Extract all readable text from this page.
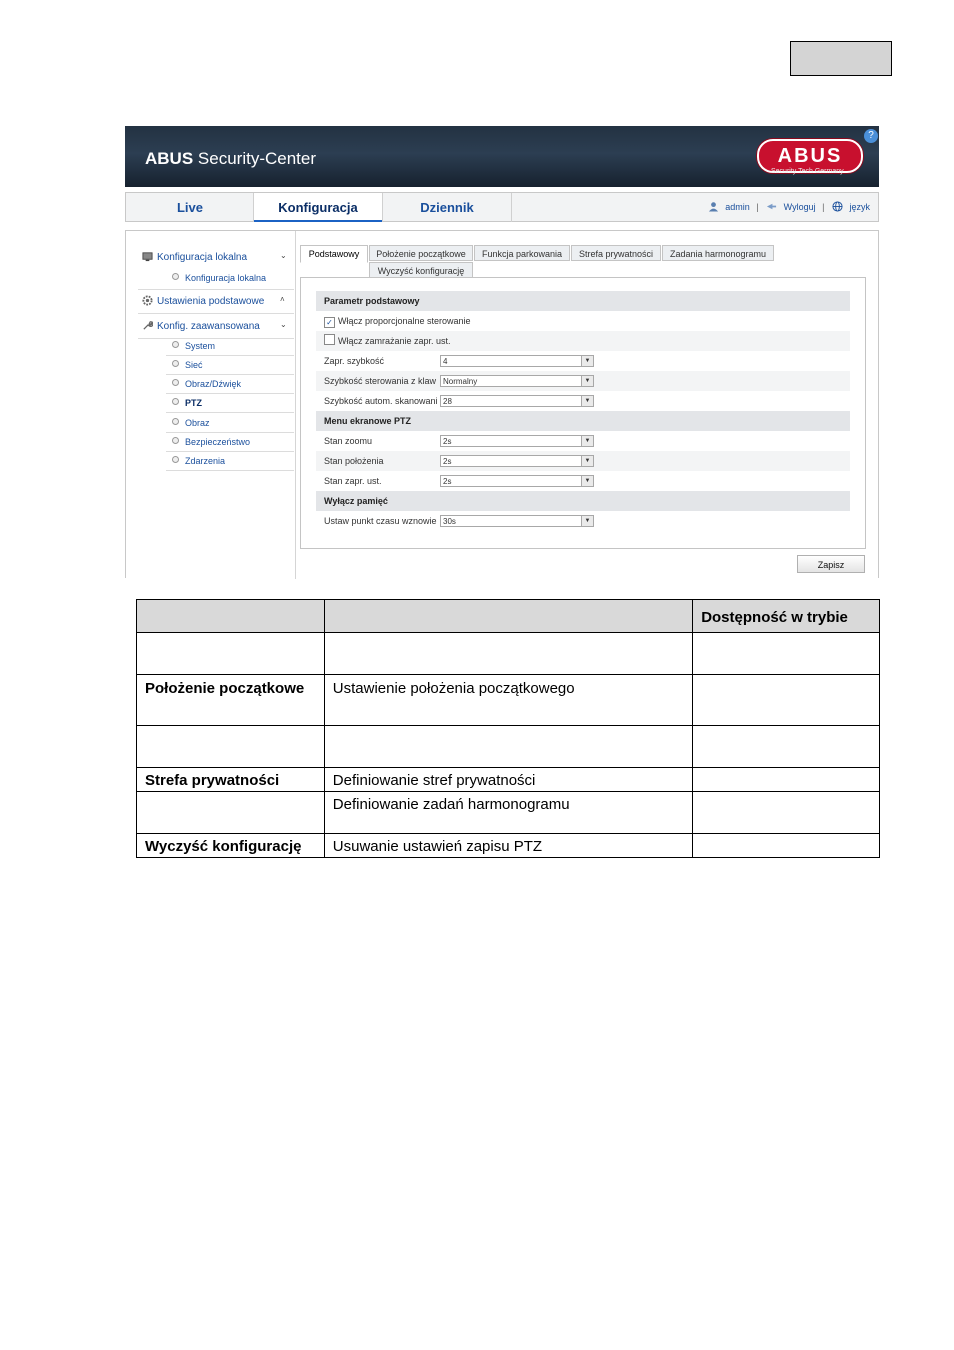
ABUS Security-Center	ABUS
Security Tech Germany
?
Live	Konfiguracja	Dziennik	admin |	Wyloguj |	język
Konfiguracja lokalna	⌄
Konfiguracja lokalna
Ustawienia podstawowe ˄
Konfig. zaawansowana	⌄
System
Sieć
Obraz/Dźwięk
PTZ
Obraz
Bezpieczeństwo
Zdarzenia
Podstawowy	Położenie początkowe	Funkcja parkowania	Strefa prywatności	Zadania harmonogramu
Wyczyść konfigurację
Parametr podstawowy
✓ Włącz proporcjonalne sterowanie
Włącz zamrażanie zapr. ust.
Zapr. szybkość	4	▼
Szybkość sterowania z klaw Normalny	▼
Szybkość autom. skanowani 28	▼
Menu ekranowe PTZ
Stan zoomu	2s	▼
Stan położenia	2s	▼
Stan zapr. ust.	2s	▼
Wyłącz pamięć
Ustaw punkt czasu wznowie 30s	▼
Zapisz
		Dostępność w trybie

Położenie początkowe	Ustawienie położenia początkowego	

Strefa prywatności	Definiowanie stref prywatności	
	Definiowanie zadań harmonogramu	
Wyczyść konfigurację	Usuwanie ustawień zapisu PTZ	
